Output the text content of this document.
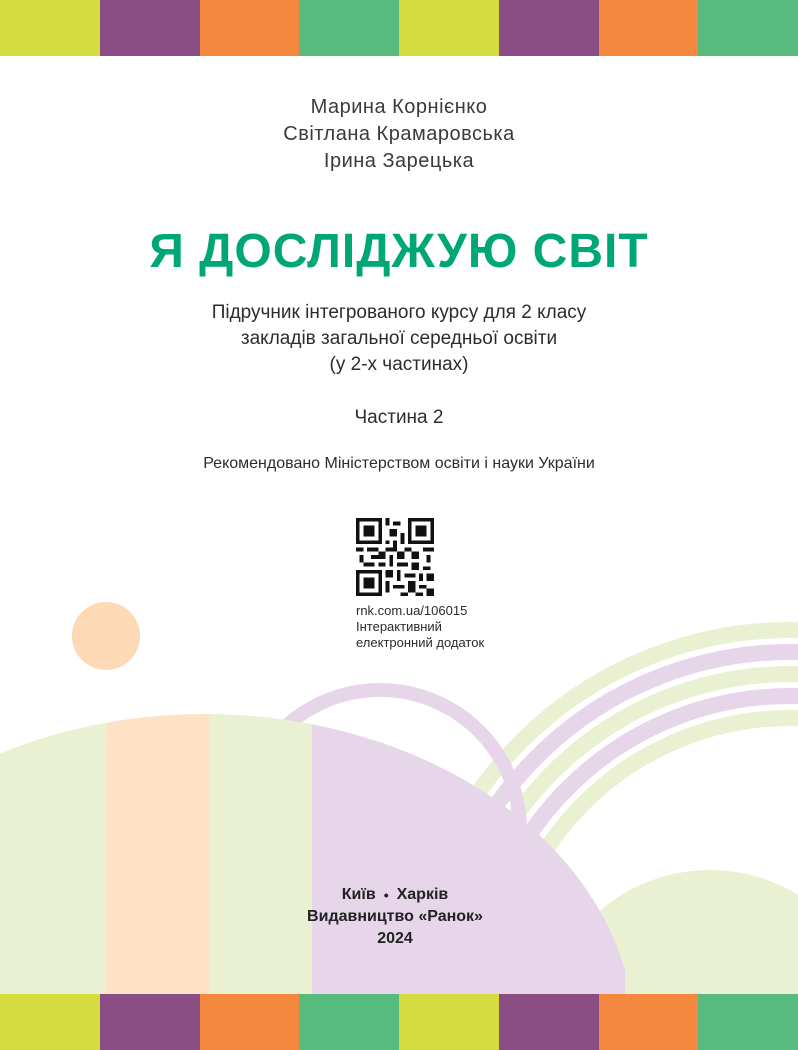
Марина Корнієнко
Світлана Крамаровська
Ірина Зарецька
Я ДОСЛІДЖУЮ СВІТ
Підручник інтегрованого курсу для 2 класу
закладів загальної середньої освіти
(у 2-х частинах)
Частина 2
Рекомендовано Міністерством освіти і науки України
rnk.com.ua/106015
Інтерактивний
електронний додаток
Київ • Харків
Видавництво «Ранок»
2024
